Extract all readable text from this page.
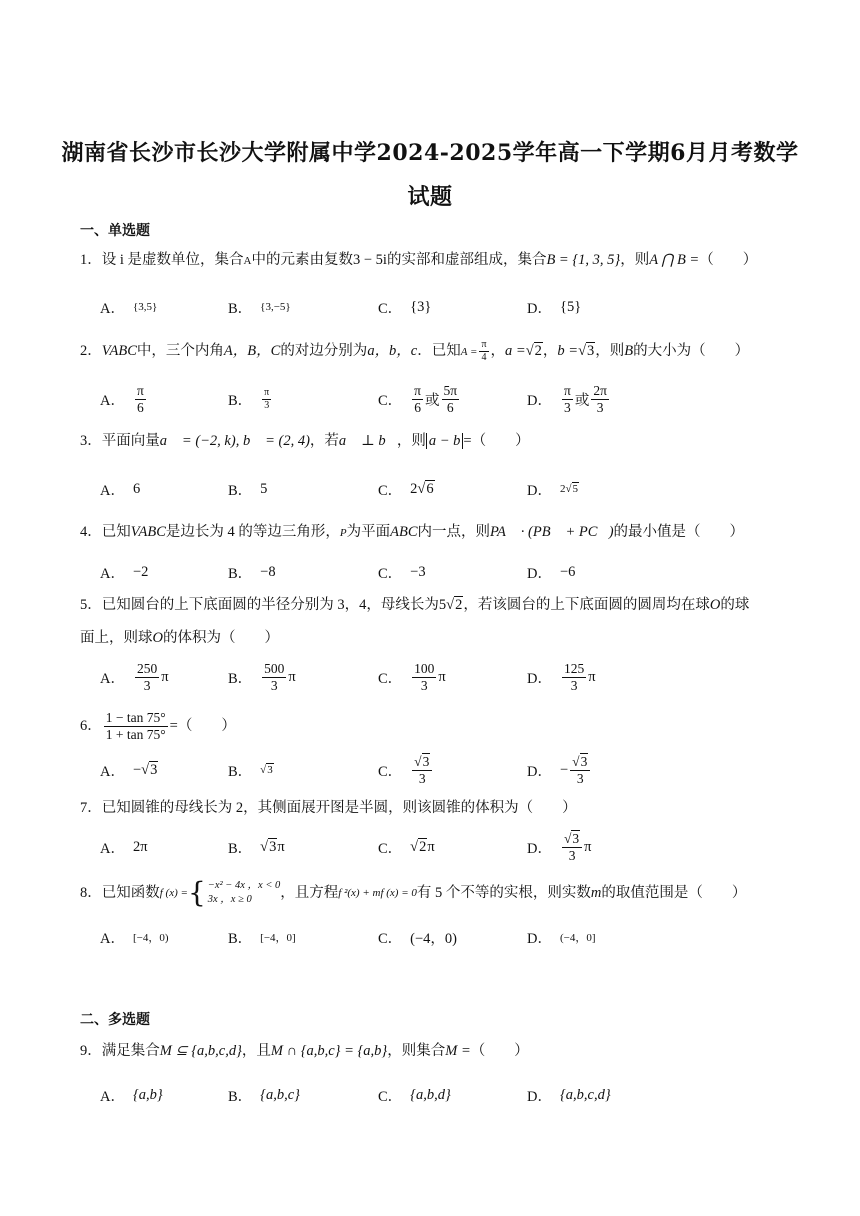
湖南省长沙市长沙大学附属中学2024-2025学年高一下学期6月月考数学
试题
一、单选题
1．设 i 是虚数单位，集合A中的元素由复数3 − 5i的实部和虚部组成，集合B = {1, 3, 5}，则A ⋂ B =（　　）
A． {3,5}	B． {3,−5}	C． {3}	D． {5}
2．VABC中，三个内角A，B，C的对边分别为a，b，c．已知$A = \frac{\pi}{4}$ ，a =√2，b =√3，则B的大小为（　　）
A． $\frac{\pi}{6}$	B． $\frac{\pi}{3}$	C． $\frac{\pi}{6}$ 或 $\frac{5\pi}{6}$	D． $\frac{\pi}{3}$ 或 $\frac{2\pi}{3}$
3．平面向量a⃗ = (−2, k), b⃗ = (2, 4)，若a⃗ ⊥ b⃗，则 a − b =（　　）
A． 6	B． 5	C． 2 √6	D． 2 √5
4．已知VABC是边长为 4 的等边三角形，P为平面ABC内一点，则PA⃗ · (PB⃗ + PC⃗)的最小值是（　　）
A． −2	B． −8	C． −3	D． −6
5．已知圆台的上下底面圆的半径分别为 3，4，母线长为5√2，若该圆台的上下底面圆的圆周均在球O的球
面上，则球O的体积为（　　）
A． $\frac{250}{3}$ π	B． $\frac{500}{3}$ π	C． $\frac{100}{3}$ π	D． $\frac{125}{3}$ π
6． $\frac{1 - \tan 75^\circ}{1 + \tan 75^\circ}$ =（　　）
A． − √3	B． √3	C． $\frac{√3}{3}$	D． − $\frac{√3}{3}$
7．已知圆锥的母线长为 2，其侧面展开图是半圆，则该圆锥的体积为（　　）
A． 2π	B． √3 π	C． √2 π	D． $\frac{√3}{3}$ π
8． 已知函数 f (x) = { −x² − 4x ，x < 0
3x ，x ≥ 0	，且方程 f ²(x) + mf (x) = 0 有 5 个不等的实根，则实数 m 的取值范围是（　　）
A． [−4，0)	B． [−4，0]	C． (−4，0)	D． (−4，0]
二、多选题
9．满足集合M ⊆ {a,b,c,d}，且M ∩ {a,b,c} = {a,b}，则集合M =（　　）
A． {a,b}	B． {a,b,c}	C． {a,b,d}	D． {a,b,c,d}
